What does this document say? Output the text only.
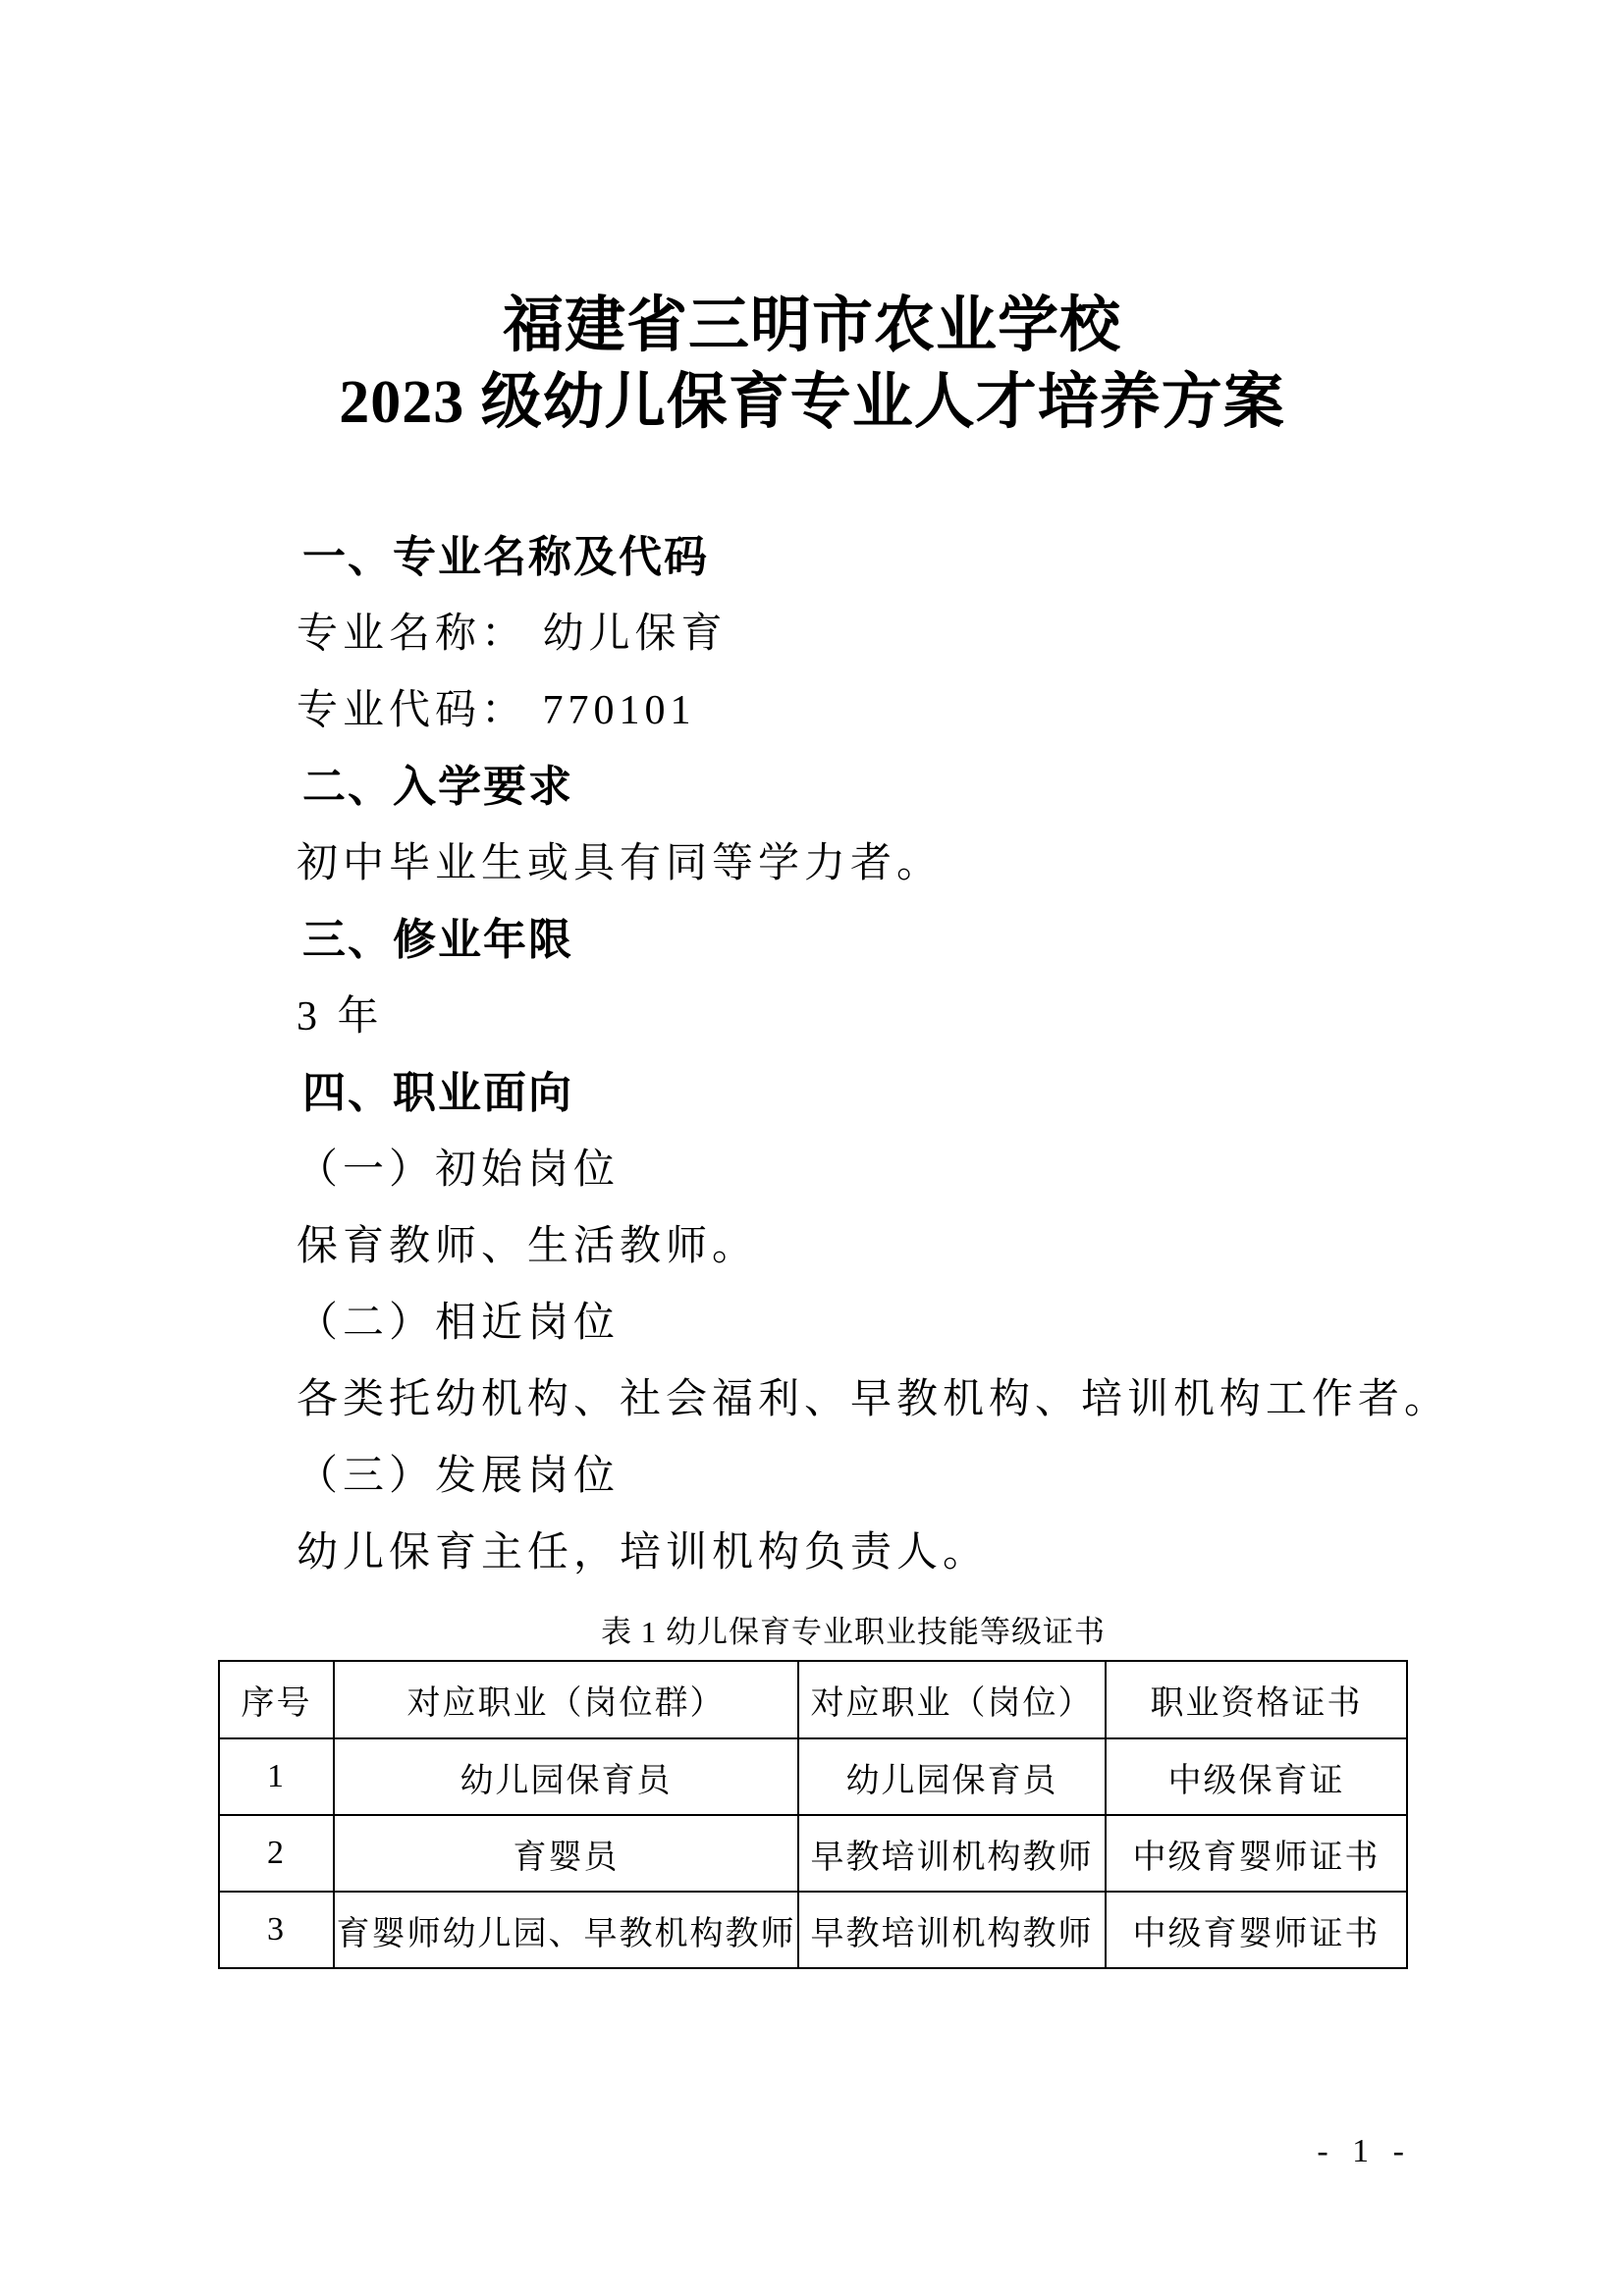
福建省三明市农业学校

2023 级幼儿保育专业人才培养方案

一、专业名称及代码

专业名称： 幼儿保育

专业代码： 770101

二、入学要求

初中毕业生或具有同等学力者。

三、修业年限

3 年

四、职业面向

（一）初始岗位

保育教师、生活教师。

（二）相近岗位

各类托幼机构、社会福利、早教机构、培训机构工作者。

（三）发展岗位

幼儿保育主任，培训机构负责人。

表 1 幼儿保育专业职业技能等级证书

序号	对应职业（岗位群）	对应职业（岗位）	职业资格证书
1	幼儿园保育员	幼儿园保育员	中级保育证
2	育婴员	早教培训机构教师	中级育婴师证书
3	育婴师幼儿园、早教机构教师	早教培训机构教师	中级育婴师证书
- 1 -
